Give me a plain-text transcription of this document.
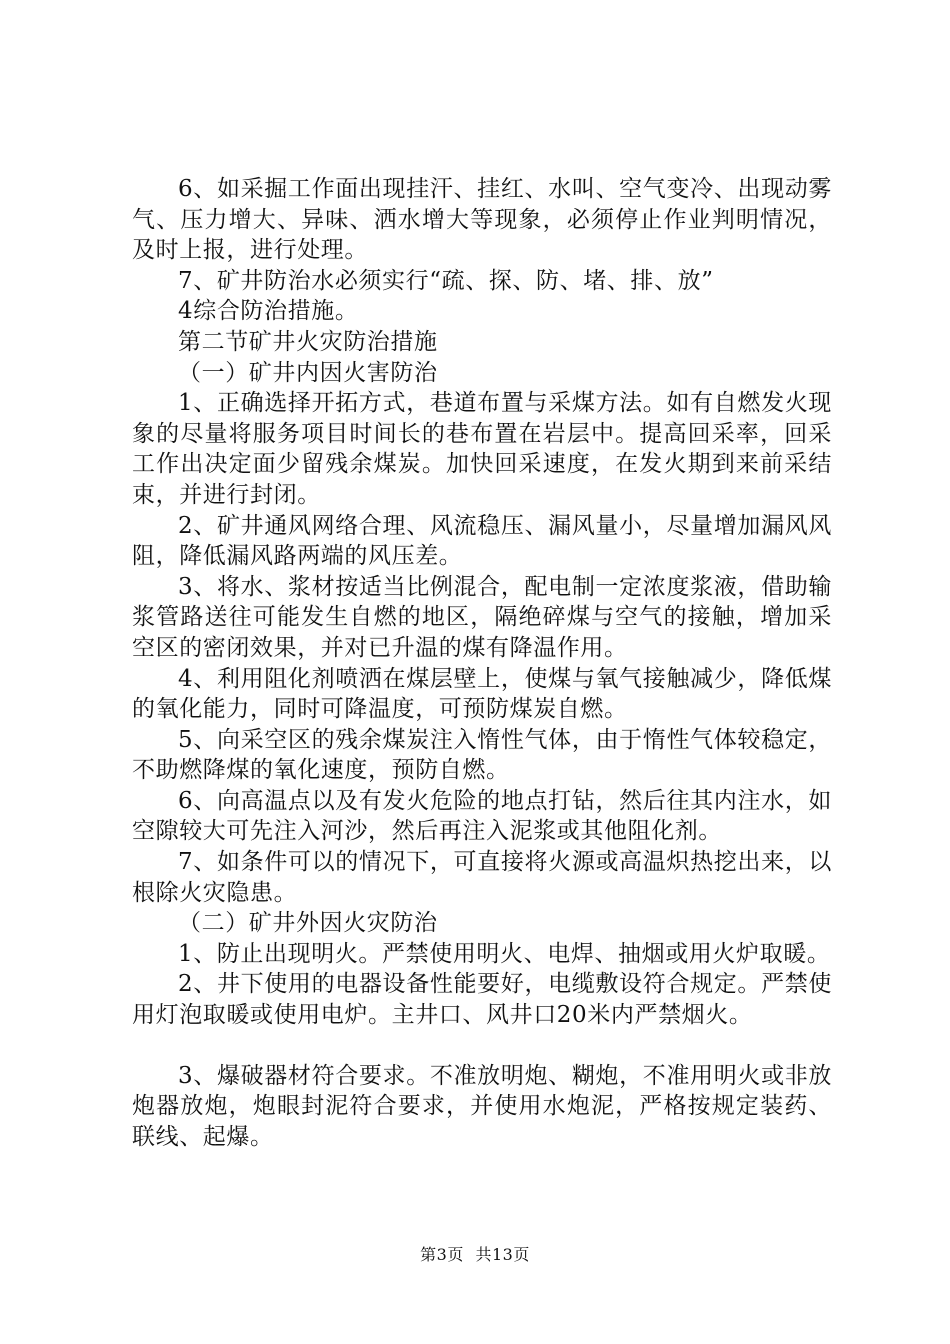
6、如采掘工作面出现挂汗、挂红、水叫、空气变冷、出现动雾气、压力增大、异味、洒水增大等现象，必须停止作业判明情况，及时上报，进行处理。

7、矿井防治水必须实行“疏、探、防、堵、排、放”

4综合防治措施。

第二节矿井火灾防治措施

（一）矿井内因火害防治

1、正确选择开拓方式，巷道布置与采煤方法。如有自燃发火现象的尽量将服务项目时间长的巷布置在岩层中。提高回采率，回采工作出决定面少留残余煤炭。加快回采速度，在发火期到来前采结束，并进行封闭。

2、矿井通风网络合理、风流稳压、漏风量小，尽量增加漏风风阻，降低漏风路两端的风压差。

3、将水、浆材按适当比例混合，配电制一定浓度浆液，借助输浆管路送往可能发生自燃的地区，隔绝碎煤与空气的接触，增加采空区的密闭效果，并对已升温的煤有降温作用。

4、利用阻化剂喷洒在煤层壁上，使煤与氧气接触减少，降低煤的氧化能力，同时可降温度，可预防煤炭自燃。

5、向采空区的残余煤炭注入惰性气体，由于惰性气体较稳定，不助燃降煤的氧化速度，预防自燃。

6、向高温点以及有发火危险的地点打钻，然后往其内注水，如空隙较大可先注入河沙，然后再注入泥浆或其他阻化剂。

7、如条件可以的情况下，可直接将火源或高温炽热挖出来，以根除火灾隐患。

（二）矿井外因火灾防治

1、防止出现明火。严禁使用明火、电焊、抽烟或用火炉取暖。

2、井下使用的电器设备性能要好，电缆敷设符合规定。严禁使用灯泡取暖或使用电炉。主井口、风井口20米内严禁烟火。

3、爆破器材符合要求。不准放明炮、糊炮，不准用明火或非放炮器放炮，炮眼封泥符合要求，并使用水炮泥，严格按规定装药、联线、起爆。

第3页 共13页
